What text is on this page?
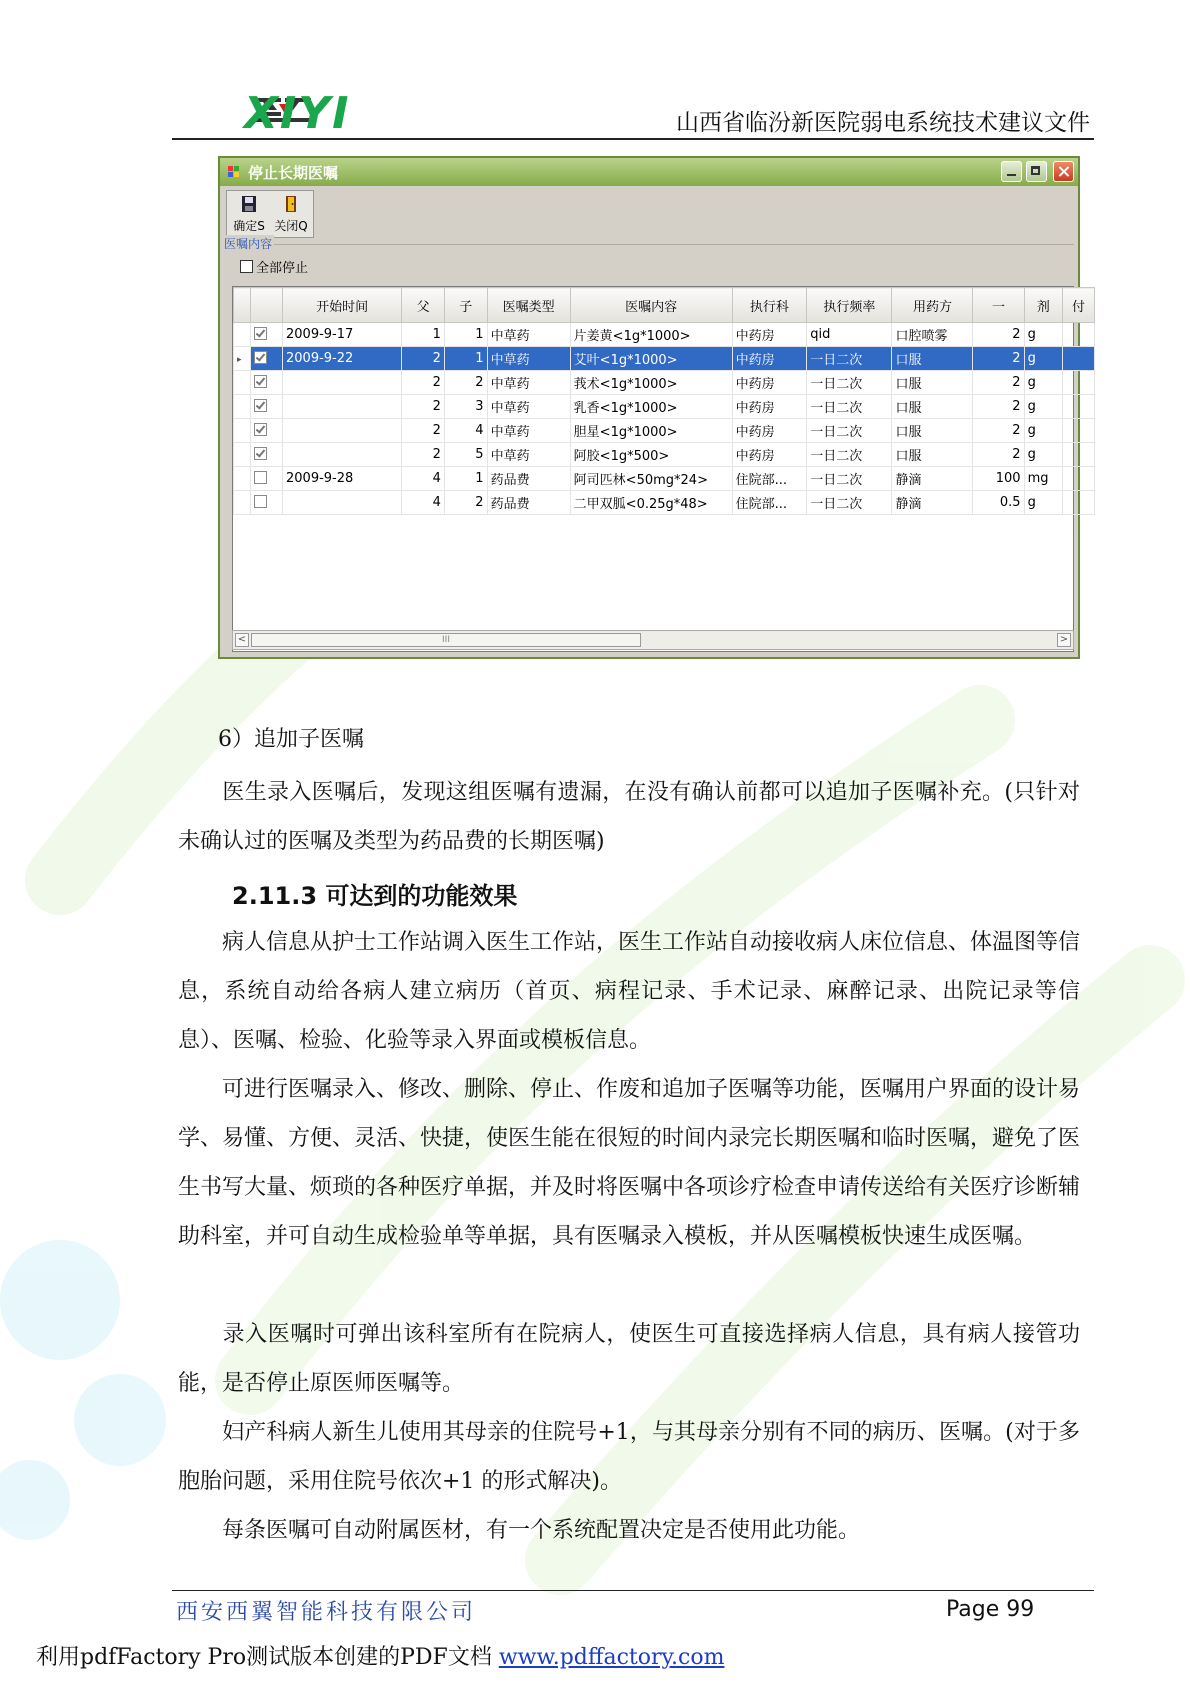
XIYI	山西省临汾新医院弱电系统技术建议文件
停止长期医嘱
确定S 关闭Q
医嘱内容
全部停止
		开始时间	父	子	医嘱类型	医嘱内容	执行科	执行频率	用药方	一	剂	付
		2009-9-17	1	1	中草药	片姜黄<1g*1000>	中药房	qid	口腔喷雾	2	g	
▸		2009-9-22	2	1	中草药	艾叶<1g*1000>	中药房	一日二次	口服	2	g	
			2	2	中草药	莪术<1g*1000>	中药房	一日二次	口服	2	g	
			2	3	中草药	乳香<1g*1000>	中药房	一日二次	口服	2	g	
			2	4	中草药	胆星<1g*1000>	中药房	一日二次	口服	2	g	
			2	5	中草药	阿胶<1g*500>	中药房	一日二次	口服	2	g	
		2009-9-28	4	1	药品费	阿司匹林<50mg*24>	住院部...	一日二次	静滴	100	mg	
			4	2	药品费	二甲双胍<0.25g*48>	住院部...	一日二次	静滴	0.5	g	

<	III	>
6）追加子医嘱
医生录入医嘱后，发现这组医嘱有遗漏，在没有确认前都可以追加子医嘱补充。(只针对未确认过的医嘱及类型为药品费的长期医嘱)
2.11.3 可达到的功能效果
病人信息从护士工作站调入医生工作站，医生工作站自动接收病人床位信息、体温图等信息，系统自动给各病人建立病历（首页、病程记录、手术记录、麻醉记录、出院记录等信息）、医嘱、检验、化验等录入界面或模板信息。
可进行医嘱录入、修改、删除、停止、作废和追加子医嘱等功能，医嘱用户界面的设计易学、易懂、方便、灵活、快捷，使医生能在很短的时间内录完长期医嘱和临时医嘱，避免了医生书写大量、烦琐的各种医疗单据，并及时将医嘱中各项诊疗检查申请传送给有关医疗诊断辅助科室，并可自动生成检验单等单据，具有医嘱录入模板，并从医嘱模板快速生成医嘱。
录入医嘱时可弹出该科室所有在院病人，使医生可直接选择病人信息，具有病人接管功能，是否停止原医师医嘱等。
妇产科病人新生儿使用其母亲的住院号+1，与其母亲分别有不同的病历、医嘱。(对于多胞胎问题，采用住院号依次+1 的形式解决)。
每条医嘱可自动附属医材，有一个系统配置决定是否使用此功能。
西安西翼智能科技有限公司	Page 99
利用pdfFactory Pro测试版本创建的PDF文档 www.pdffactory.com
